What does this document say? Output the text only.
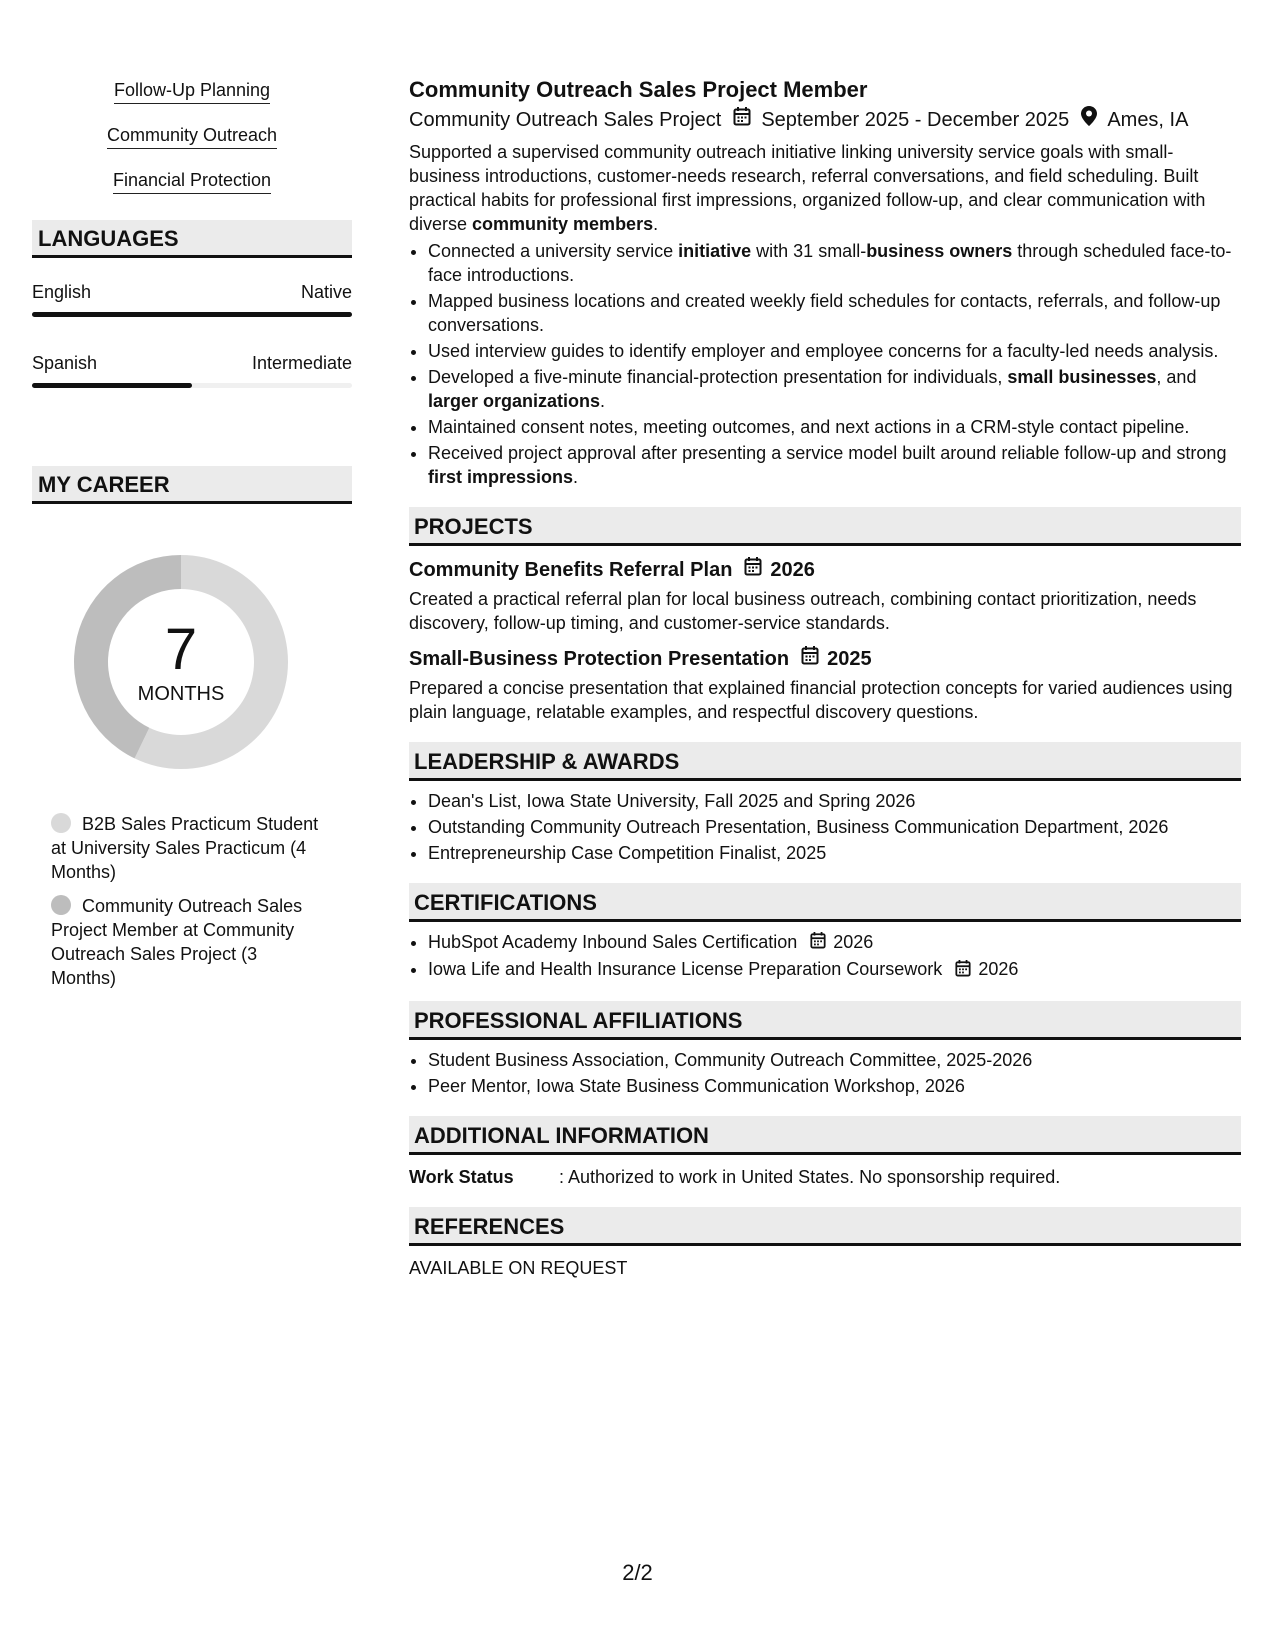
Follow-Up Planning
Community Outreach
Financial Protection
LANGUAGES
English	Native
Spanish	Intermediate
MY CAREER
7
MONTHS
B2B Sales Practicum Student at University Sales Practicum (4 Months)
Community Outreach Sales Project Member at Community Outreach Sales Project (3 Months)
Community Outreach Sales Project Member
Community Outreach Sales Project September 2025 - December 2025 Ames, IA
Supported a supervised community outreach initiative linking university service goals with small-business introductions, customer-needs research, referral conversations, and field scheduling. Built practical habits for professional first impressions, organized follow-up, and clear communication with diverse community members.
• Connected a university service initiative with 31 small-business owners through scheduled face-to-face introductions.
• Mapped business locations and created weekly field schedules for contacts, referrals, and follow-up conversations.
• Used interview guides to identify employer and employee concerns for a faculty-led needs analysis.
• Developed a five-minute financial-protection presentation for individuals, small businesses, and larger organizations.
• Maintained consent notes, meeting outcomes, and next actions in a CRM-style contact pipeline.
• Received project approval after presenting a service model built around reliable follow-up and strong first impressions.
PROJECTS
Community Benefits Referral Plan 2026
Created a practical referral plan for local business outreach, combining contact prioritization, needs discovery, follow-up timing, and customer-service standards.
Small-Business Protection Presentation 2025
Prepared a concise presentation that explained financial protection concepts for varied audiences using plain language, relatable examples, and respectful discovery questions.
LEADERSHIP & AWARDS
• Dean's List, Iowa State University, Fall 2025 and Spring 2026
• Outstanding Community Outreach Presentation, Business Communication Department, 2026
• Entrepreneurship Case Competition Finalist, 2025
CERTIFICATIONS
• HubSpot Academy Inbound Sales Certification 2026
• Iowa Life and Health Insurance License Preparation Coursework 2026
PROFESSIONAL AFFILIATIONS
• Student Business Association, Community Outreach Committee, 2025-2026
• Peer Mentor, Iowa State Business Communication Workshop, 2026
ADDITIONAL INFORMATION
Work Status	: Authorized to work in United States. No sponsorship required.
REFERENCES
AVAILABLE ON REQUEST
2/2
